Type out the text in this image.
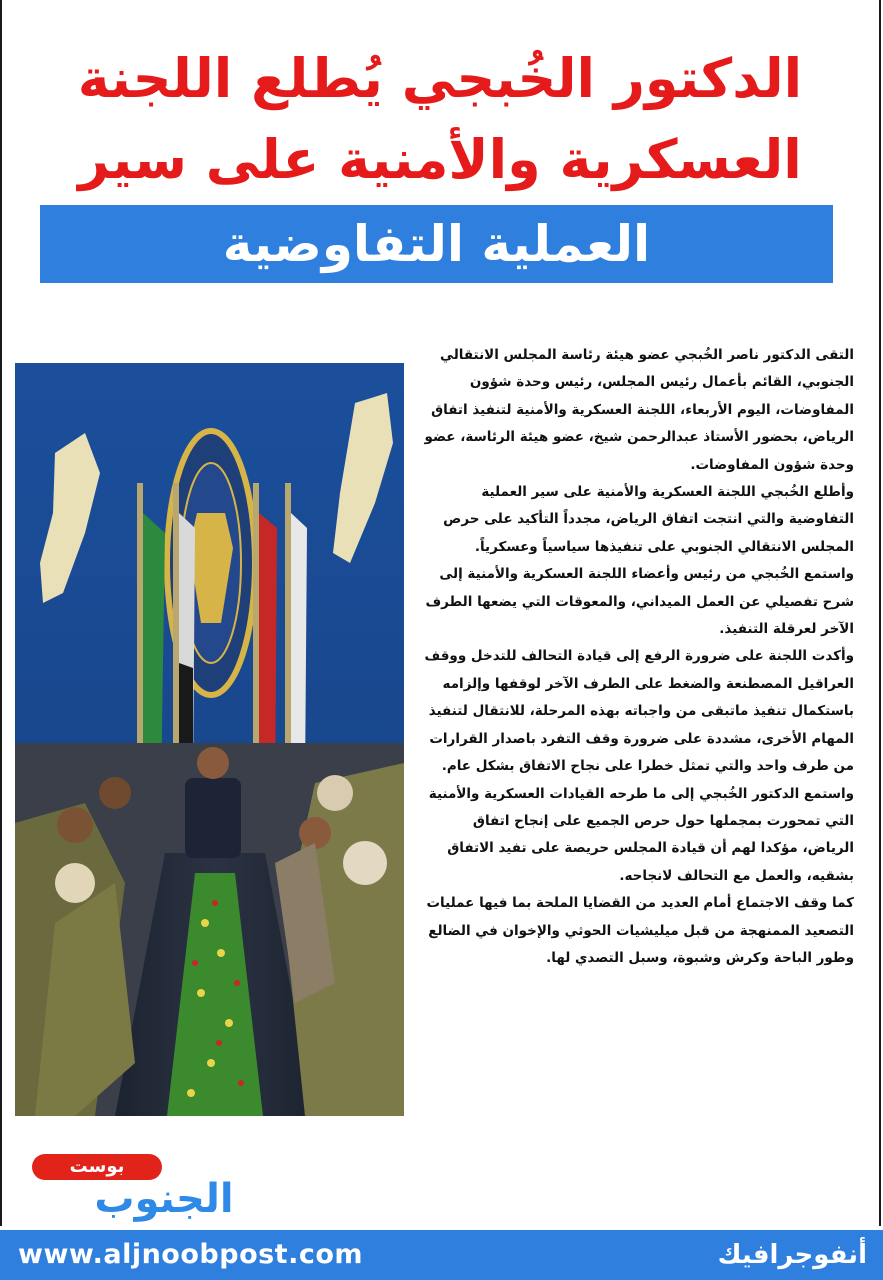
الدكتور الخُبجي يُطلع اللجنة
العسكرية والأمنية على سير
العملية التفاوضية

التقى الدكتور ناصر الخُبجي عضو هيئة رئاسة المجلس الانتقالي الجنوبي، القائم بأعمال رئيس المجلس، رئيس وحدة شؤون المفاوضات، اليوم الأربعاء، اللجنة العسكرية والأمنية لتنفيذ اتفاق الرياض، بحضور الأستاذ عبدالرحمن شيخ، عضو هيئة الرئاسة، عضو وحدة شؤون المفاوضات.

وأطلع الخُبجي اللجنة العسكرية والأمنية على سير العملية التفاوضية والتي انتجت اتفاق الرياض، مجدداً التأكيد على حرص المجلس الانتقالي الجنوبي على تنفيذها سياسياً وعسكرياً.

واستمع الخُبجي من رئيس وأعضاء اللجنة العسكرية والأمنية إلى شرح تفصيلي عن العمل الميداني، والمعوقات التي يضعها الطرف الآخر لعرقلة التنفيذ.

وأكدت اللجنة على ضرورة الرفع إلى قيادة التحالف للتدخل ووقف العراقيل المصطنعة والضغط على الطرف الآخر لوقفها وإلزامه باستكمال تنفيذ ماتبقى من واجباته بهذه المرحلة، للانتقال لتنفيذ المهام الأخرى، مشددة على ضرورة وقف التفرد باصدار القرارات من طرف واحد والتي تمثل خطرا على نجاح الاتفاق بشكل عام.

واستمع الدكتور الخُبجي إلى ما طرحه القيادات العسكرية والأمنية التي تمحورت بمجملها حول حرص الجميع على إنجاح اتفاق الرياض، مؤكدا لهم أن قيادة المجلس حريصة على تفيد الاتفاق بشقيه، والعمل مع التحالف لانجاحه.

كما وقف الاجتماع أمام العديد من القضايا الملحة بما فيها عمليات التصعيد الممنهجة من قبل ميليشيات الحوثي والإخوان في الضالع وطور الباحة وكرش وشبوة، وسبل التصدي لها.

بوست
الجنوب
www.aljnoobpost.com	أنفوجرافيك
